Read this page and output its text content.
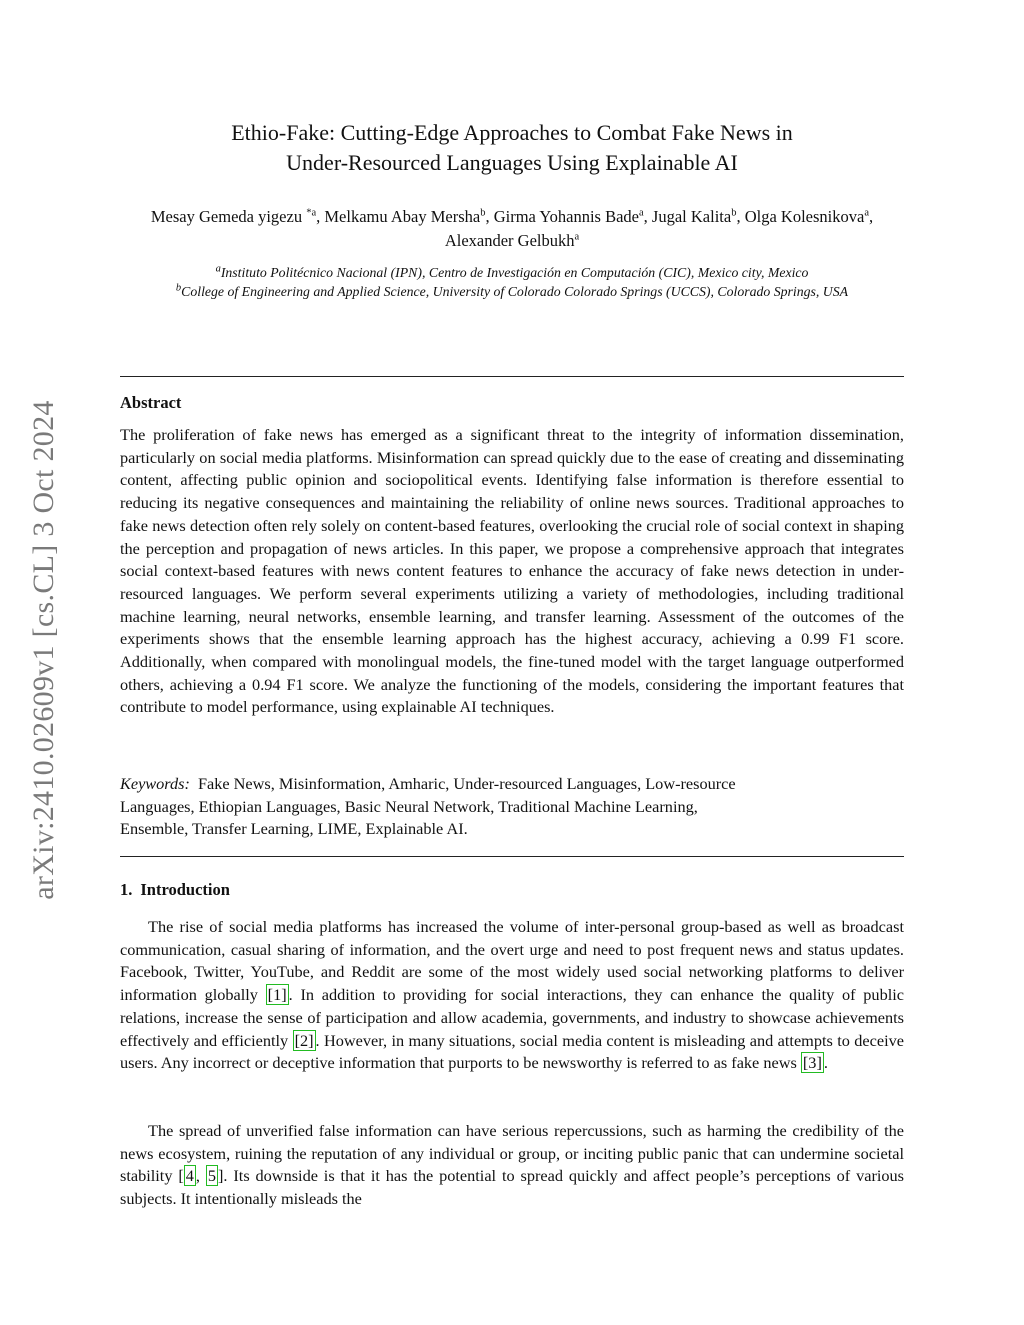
arXiv:2410.02609v1 [cs.CL] 3 Oct 2024
Ethio-Fake: Cutting-Edge Approaches to Combat Fake News in
Under-Resourced Languages Using Explainable AI
Mesay Gemeda yigezu $^{*a}$, Melkamu Abay Mersha$^b$, Girma Yohannis Bade$^a$, Jugal Kalita$^b$, Olga Kolesnikova$^a$, Alexander Gelbukh$^a$
$^a$Instituto Politécnico Nacional (IPN), Centro de Investigación en Computación (CIC), Mexico city, Mexico
$^b$College of Engineering and Applied Science, University of Colorado Colorado Springs (UCCS), Colorado Springs, USA
Abstract
The proliferation of fake news has emerged as a significant threat to the integrity of information dissemination, particularly on social media platforms. Misinformation can spread quickly due to the ease of creating and disseminating content, affecting public opinion and sociopolitical events. Identifying false information is therefore essential to reducing its negative consequences and maintaining the reliability of online news sources. Traditional approaches to fake news detection often rely solely on content-based features, overlooking the crucial role of social context in shaping the perception and propagation of news articles. In this paper, we propose a comprehensive approach that integrates social context-based features with news content features to enhance the accuracy of fake news detection in under-resourced languages. We perform several experiments utilizing a variety of methodologies, including traditional machine learning, neural networks, ensemble learning, and transfer learning. Assessment of the outcomes of the experiments shows that the ensemble learning approach has the highest accuracy, achieving a 0.99 F1 score. Additionally, when compared with monolingual models, the fine-tuned model with the target language outperformed others, achieving a 0.94 F1 score. We analyze the functioning of the models, considering the important features that contribute to model performance, using explainable AI techniques.
Keywords: Fake News, Misinformation, Amharic, Under-resourced Languages, Low-resource
Languages, Ethiopian Languages, Basic Neural Network, Traditional Machine Learning,
Ensemble, Transfer Learning, LIME, Explainable AI.
1. Introduction
The rise of social media platforms has increased the volume of inter-personal group-based as well as broadcast communication, casual sharing of information, and the overt urge and need to post frequent news and status updates. Facebook, Twitter, YouTube, and Reddit are some of the most widely used social networking platforms to deliver information globally [1] . In addition to providing for social interactions, they can enhance the quality of public relations, increase the sense of participation and allow academia, governments, and industry to showcase achievements effectively and efficiently [2] . However, in many situations, social media content is misleading and attempts to deceive users. Any incorrect or deceptive information that purports to be newsworthy is referred to as fake news [3] .
The spread of unverified false information can have serious repercussions, such as harming the credibility of the news ecosystem, ruining the reputation of any individual or group, or inciting public panic that can undermine societal stability [ 4 , 5 ]. Its downside is that it has the potential to spread quickly and affect people’s perceptions of various subjects. It intentionally misleads the
